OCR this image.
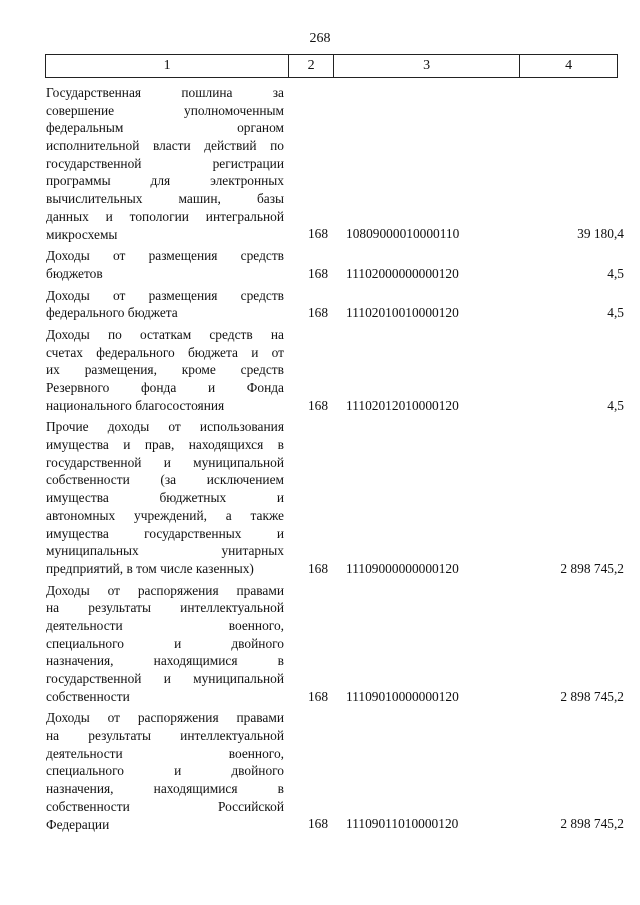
268
1	2	3	4
Государственная пошлина за
совершение уполномоченным
федеральным органом
исполнительной власти действий по
государственной регистрации
программы для электронных
вычислительных машин, базы
данных и топологии интегральной
микросхемы	168	10809000010000110	39 180,4
Доходы от размещения средств
бюджетов	168	11102000000000120	4,5
Доходы от размещения средств
федерального бюджета	168	11102010010000120	4,5
Доходы по остаткам средств на
счетах федерального бюджета и от
их размещения, кроме средств
Резервного фонда и Фонда
национального благосостояния	168	11102012010000120	4,5
Прочие доходы от использования
имущества и прав, находящихся в
государственной и муниципальной
собственности (за исключением
имущества бюджетных и
автономных учреждений, а также
имущества государственных и
муниципальных унитарных
предприятий, в том числе казенных)	168	11109000000000120	2 898 745,2
Доходы от распоряжения правами
на результаты интеллектуальной
деятельности военного,
специального и двойного
назначения, находящимися в
государственной и муниципальной
собственности	168	11109010000000120	2 898 745,2
Доходы от распоряжения правами
на результаты интеллектуальной
деятельности военного,
специального и двойного
назначения, находящимися в
собственности Российской
Федерации	168	11109011010000120	2 898 745,2
